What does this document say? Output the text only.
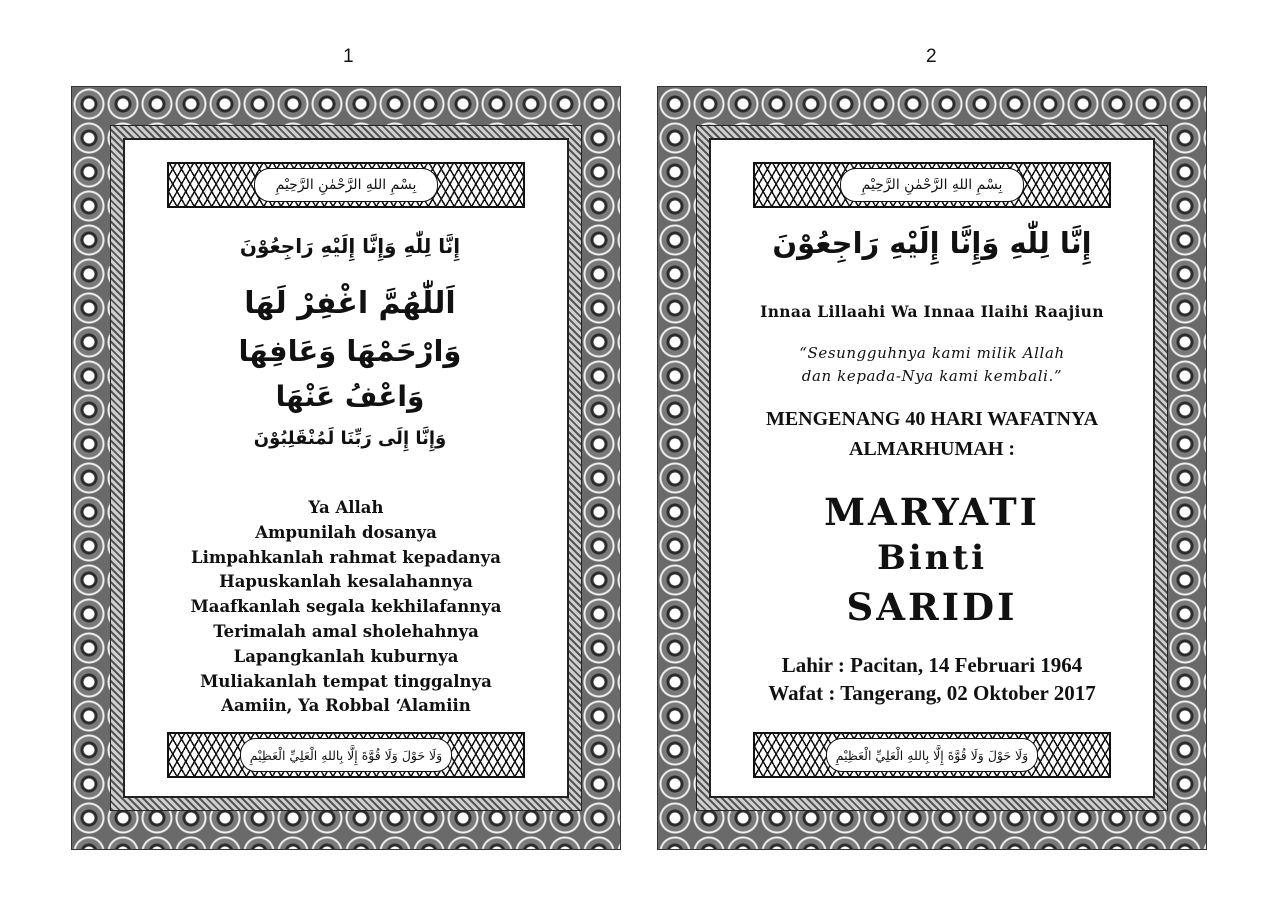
1	2
بِسْمِ اللهِ الرَّحْمٰنِ الرَّحِيْمِ
إِنَّا لِلّٰهِ وَإِنَّا إِلَيْهِ رَاجِعُوْنَ
اَللّٰهُمَّ اغْفِرْ لَهَا
وَارْحَمْهَا وَعَافِهَا
وَاعْفُ عَنْهَا
وَإِنَّا إِلَى رَبِّنَا لَمُنْقَلِبُوْنَ
Ya Allah
Ampunilah dosanya
Limpahkanlah rahmat kepadanya
Hapuskanlah kesalahannya
Maafkanlah segala kekhilafannya
Terimalah amal sholehahnya
Lapangkanlah kuburnya
Muliakanlah tempat tinggalnya
Aamiin, Ya Robbal ‘Alamiin
وَلَا حَوْلَ وَلَا قُوَّةَ إِلَّا بِاللهِ الْعَلِيِّ الْعَظِيْمِ
بِسْمِ اللهِ الرَّحْمٰنِ الرَّحِيْمِ
إِنَّا لِلّٰهِ وَإِنَّا إِلَيْهِ رَاجِعُوْنَ
Innaa Lillaahi Wa Innaa Ilaihi Raajiun
“Sesungguhnya kami milik Allah
dan kepada-Nya kami kembali.”
MENGENANG 40 HARI WAFATNYA
ALMARHUMAH :
MARYATI
Binti
SARIDI
Lahir : Pacitan, 14 Februari 1964
Wafat : Tangerang, 02 Oktober 2017
وَلَا حَوْلَ وَلَا قُوَّةَ إِلَّا بِاللهِ الْعَلِيِّ الْعَظِيْمِ
